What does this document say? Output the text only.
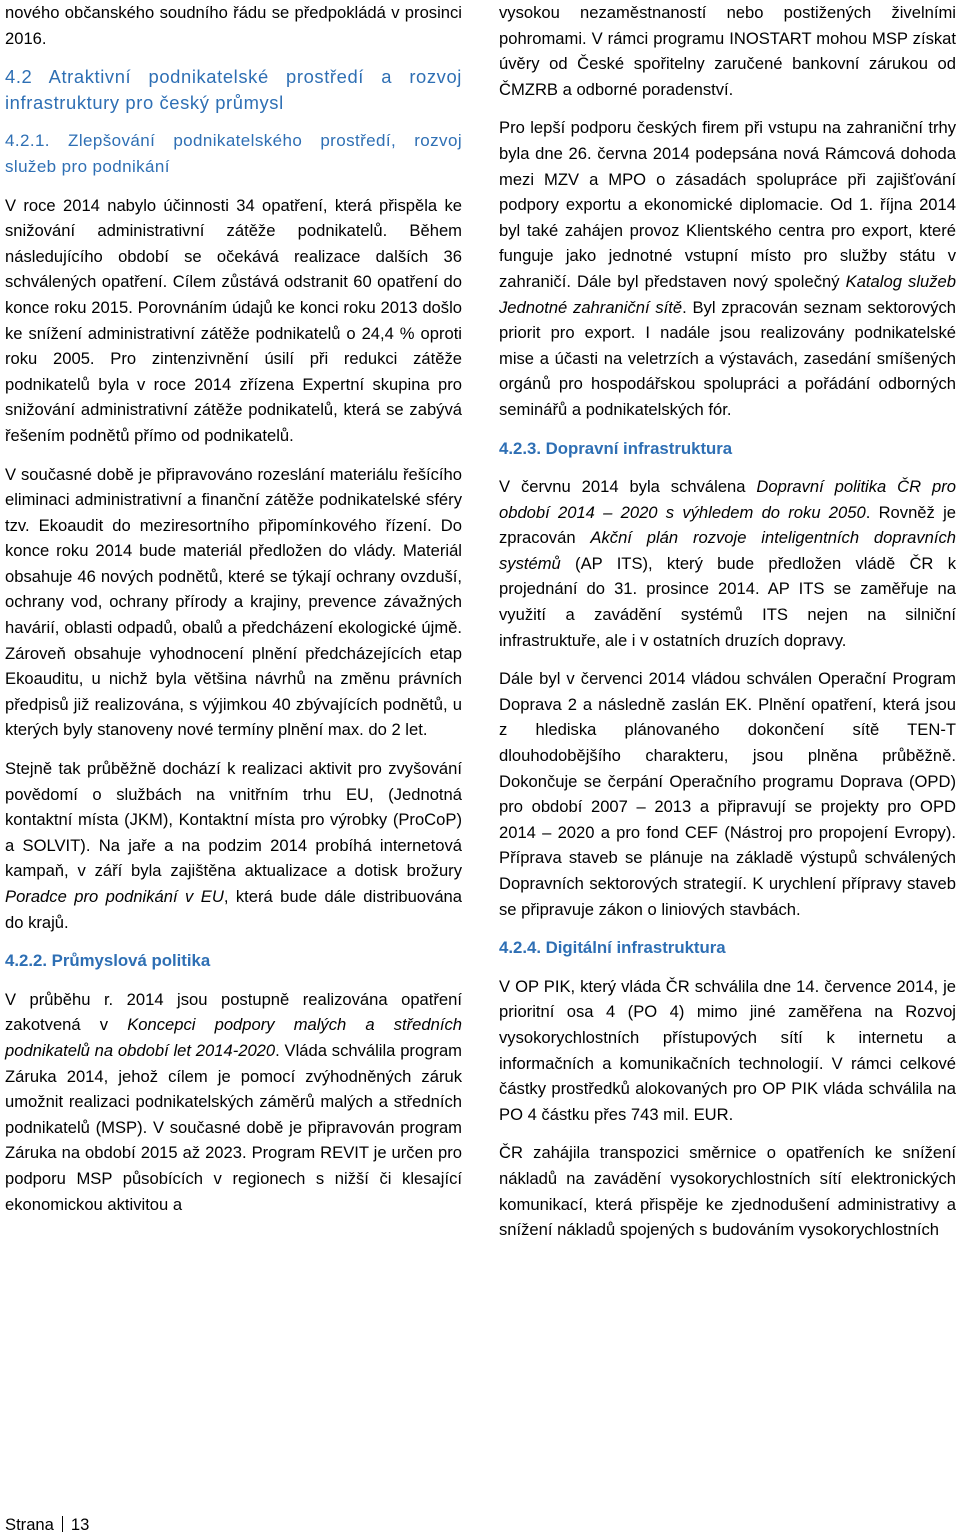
nového občanského soudního řádu se předpokládá v prosinci 2016.

4.2 Atraktivní podnikatelské prostředí a rozvoj infrastruktury pro český průmysl
4.2.1. Zlepšování podnikatelského prostředí, rozvoj služeb pro podnikání

V roce 2014 nabylo účinnosti 34 opatření, která přispěla ke snižování administrativní zátěže podnikatelů. Během následujícího období se očekává realizace dalších 36 schválených opatření. Cílem zůstává odstranit 60 opatření do konce roku 2015. Porovnáním údajů ke konci roku 2013 došlo ke snížení administrativní zátěže podnikatelů o 24,4 % oproti roku 2005. Pro zintenzivnění úsilí při redukci zátěže podnikatelů byla v roce 2014 zřízena Expertní skupina pro snižování administrativní zátěže podnikatelů, která se zabývá řešením podnětů přímo od podnikatelů.

V současné době je připravováno rozeslání materiálu řešícího eliminaci administrativní a finanční zátěže podnikatelské sféry tzv. Ekoaudit do meziresortního připomínkového řízení. Do konce roku 2014 bude materiál předložen do vlády. Materiál obsahuje 46 nových podnětů, které se týkají ochrany ovzduší, ochrany vod, ochrany přírody a krajiny, prevence závažných havárií, oblasti odpadů, obalů a předcházení ekologické újmě. Zároveň obsahuje vyhodnocení plnění předcházejících etap Ekoauditu, u nichž byla většina návrhů na změnu právních předpisů již realizována, s výjimkou 40 zbývajících podnětů, u kterých byly stanoveny nové termíny plnění max. do 2 let.

Stejně tak průběžně dochází k realizaci aktivit pro zvyšování povědomí o službách na vnitřním trhu EU, (Jednotná kontaktní místa (JKM), Kontaktní místa pro výrobky (ProCoP) a SOLVIT). Na jaře a na podzim 2014 probíhá internetová kampaň, v září byla zajištěna aktualizace a dotisk brožury Poradce pro podnikání v EU, která bude dále distribuována do krajů.

4.2.2. Průmyslová politika

V průběhu r. 2014 jsou postupně realizována opatření zakotvená v Koncepci podpory malých a středních podnikatelů na období let 2014-2020. Vláda schválila program Záruka 2014, jehož cílem je pomocí zvýhodněných záruk umožnit realizaci podnikatelských záměrů malých a středních podnikatelů (MSP). V současné době je připravován program Záruka na období 2015 až 2023. Program REVIT je určen pro podporu MSP působících v regionech s nižší či klesající ekonomickou aktivitou a

vysokou nezaměstnaností nebo postižených živelními pohromami. V rámci programu INOSTART mohou MSP získat úvěry od České spořitelny zaručené bankovní zárukou od ČMZRB a odborné poradenství.

Pro lepší podporu českých firem při vstupu na zahraniční trhy byla dne 26. června 2014 podepsána nová Rámcová dohoda mezi MZV a MPO o zásadách spolupráce při zajišťování podpory exportu a ekonomické diplomacie. Od 1. října 2014 byl také zahájen provoz Klientského centra pro export, které funguje jako jednotné vstupní místo pro služby státu v zahraničí. Dále byl představen nový společný Katalog služeb Jednotné zahraniční sítě. Byl zpracován seznam sektorových priorit pro export. I nadále jsou realizovány podnikatelské mise a účasti na veletrzích a výstavách, zasedání smíšených orgánů pro hospodářskou spolupráci a pořádání odborných seminářů a podnikatelských fór.

4.2.3. Dopravní infrastruktura

V červnu 2014 byla schválena Dopravní politika ČR pro období 2014 – 2020 s výhledem do roku 2050. Rovněž je zpracován Akční plán rozvoje inteligentních dopravních systémů (AP ITS), který bude předložen vládě ČR k projednání do 31. prosince 2014. AP ITS se zaměřuje na využití a zavádění systémů ITS nejen na silniční infrastruktuře, ale i v ostatních druzích dopravy.

Dále byl v červenci 2014 vládou schválen Operační Program Doprava 2 a následně zaslán EK. Plnění opatření, která jsou z hlediska plánovaného dokončení sítě TEN-T dlouhodobějšího charakteru, jsou plněna průběžně. Dokončuje se čerpání Operačního programu Doprava (OPD) pro období 2007 – 2013 a připravují se projekty pro OPD 2014 – 2020 a pro fond CEF (Nástroj pro propojení Evropy). Příprava staveb se plánuje na základě výstupů schválených Dopravních sektorových strategií. K urychlení přípravy staveb se připravuje zákon o liniových stavbách.

4.2.4. Digitální infrastruktura

V OP PIK, který vláda ČR schválila dne 14. července 2014, je prioritní osa 4 (PO 4) mimo jiné zaměřena na Rozvoj vysokorychlostních přístupových sítí k internetu a informačních a komunikačních technologií. V rámci celkové částky prostředků alokovaných pro OP PIK vláda schválila na PO 4 částku přes 743 mil. EUR.

ČR zahájila transpozici směrnice o opatřeních ke snížení nákladů na zavádění vysokorychlostních sítí elektronických komunikací, která přispěje ke zjednodušení administrativy a snížení nákladů spojených s budováním vysokorychlostních

Strana 13
